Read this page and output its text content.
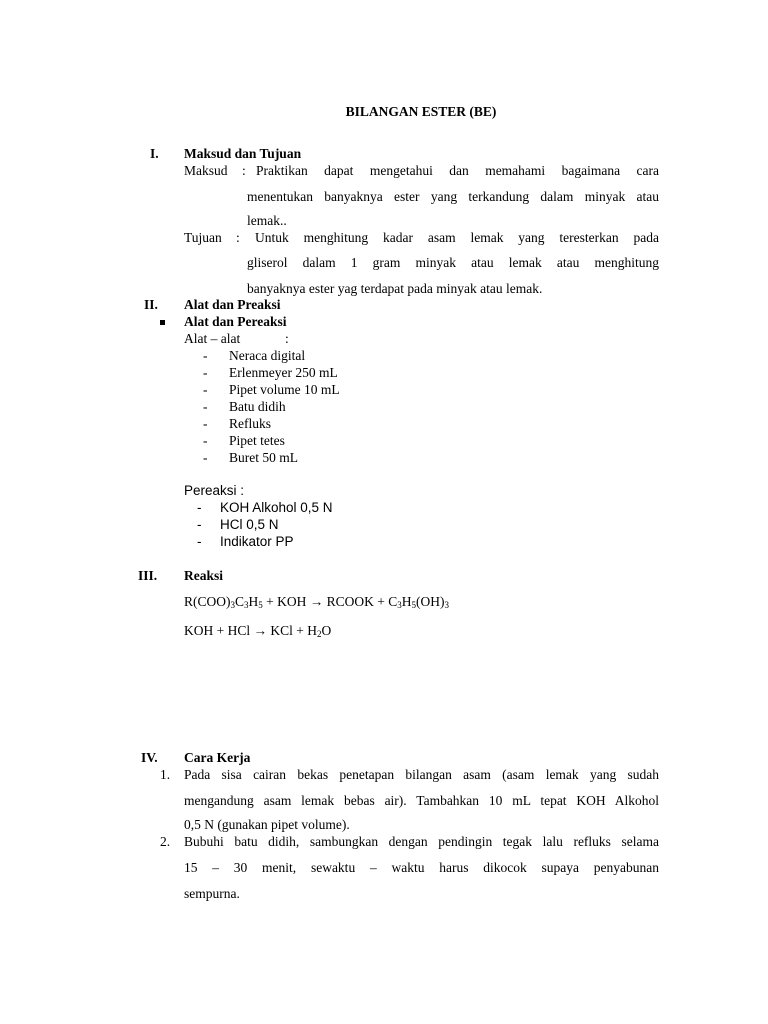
BILANGAN ESTER (BE)
I. Maksud dan Tujuan
Maksud : Praktikan dapat mengetahui dan memahami bagaimana cara
menentukan banyaknya ester yang terkandung dalam minyak atau
lemak..
Tujuan : Untuk menghitung kadar asam lemak yang teresterkan pada
gliserol dalam 1 gram minyak atau lemak atau menghitung
banyaknya ester yag terdapat pada minyak atau lemak.
II. Alat dan Preaksi
Alat dan Pereaksi
Alat – alat	:
- Neraca digital
- Erlenmeyer 250 mL
- Pipet volume 10 mL
- Batu didih
- Refluks
- Pipet tetes
- Buret 50 mL
Pereaksi :
- KOH Alkohol 0,5 N
- HCl 0,5 N
- Indikator PP
III. Reaksi
$R(COO)_3C_3H_5$ + KOH → RCOOK + $C_3H_5(OH)_3$
KOH + HCl → KCl + $H_2O$
IV. Cara Kerja
1. Pada sisa cairan bekas penetapan bilangan asam (asam lemak yang sudah
mengandung asam lemak bebas air). Tambahkan 10 mL tepat KOH Alkohol
0,5 N (gunakan pipet volume).
2. Bubuhi batu didih, sambungkan dengan pendingin tegak lalu refluks selama
15 – 30 menit, sewaktu – waktu harus dikocok supaya penyabunan
sempurna.
